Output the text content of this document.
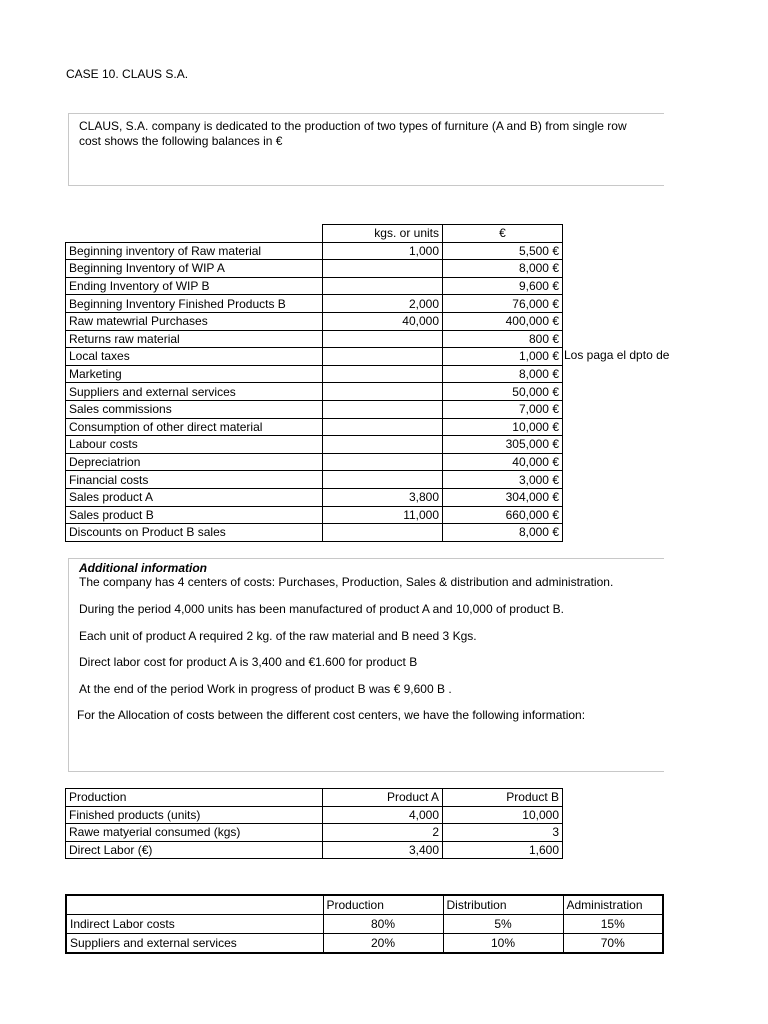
CASE 10. CLAUS S.A.
CLAUS, S.A. company is dedicated to the production of two types of furniture (A and B) from single row
cost shows the following balances in €
	kgs. or units	€
Beginning inventory of Raw material	1,000	5,500 €
Beginning Inventory of WIP A		8,000 €
Ending Inventory of WIP B		9,600 €
Beginning Inventory Finished Products B	2,000	76,000 €
Raw matewrial Purchases	40,000	400,000 €
Returns raw material		800 €
Local taxes		1,000 €
Marketing		8,000 €
Suppliers and external services		50,000 €
Sales commissions		7,000 €
Consumption of other direct material		10,000 €
Labour costs		305,000 €
Depreciatrion		40,000 €
Financial costs		3,000 €
Sales product A	3,800	304,000 €
Sales product B	11,000	660,000 €
Discounts on Product B sales		8,000 €
Los paga el dpto de

Additional information

The company has 4 centers of costs: Purchases, Production, Sales & distribution and administration.

During the period 4,000 units has been manufactured of product A and 10,000 of product B.

Each unit of product A required 2 kg. of the raw material and B need 3 Kgs.

Direct labor cost for product A is 3,400 and €1.600 for product B

At the end of the period Work in progress of product B was € 9,600 B .

For the Allocation of costs between the different cost centers, we have the following information:

Production	Product A	Product B
Finished products (units)	4,000	10,000
Rawe matyerial consumed (kgs)	2	3
Direct Labor (€)	3,400	1,600
	Production	Distribution	Administration
Indirect Labor costs	80%	5%	15%
Suppliers and external services	20%	10%	70%
